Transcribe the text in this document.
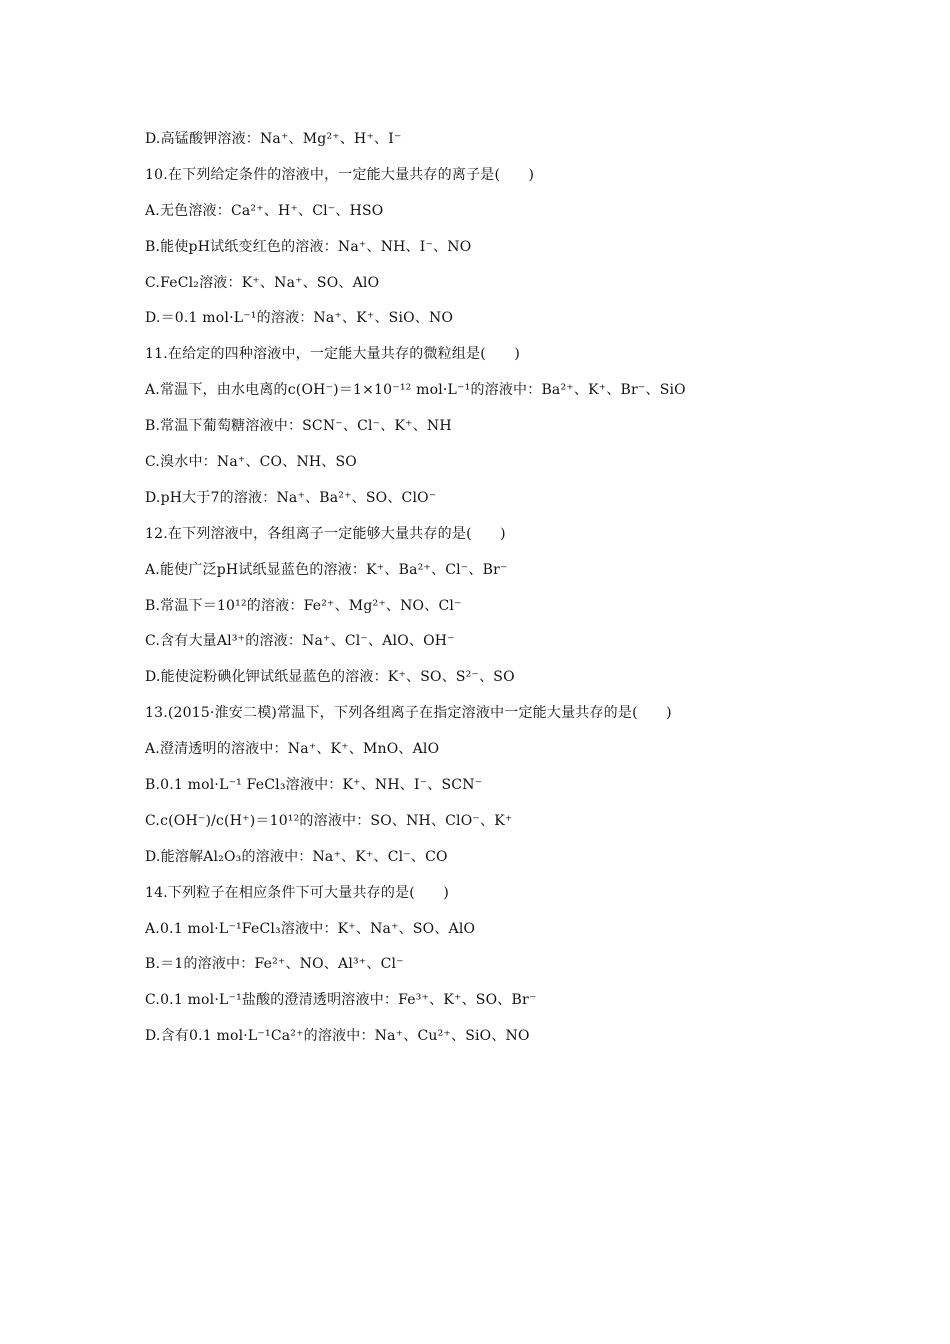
D.高锰酸钾溶液：Na⁺、Mg²⁺、H⁺、I⁻
10.在下列给定条件的溶液中，一定能大量共存的离子是(　　)
A.无色溶液：Ca²⁺、H⁺、Cl⁻、HSO
B.能使pH试纸变红色的溶液：Na⁺、NH、I⁻、NO
C.FeCl₂溶液：K⁺、Na⁺、SO、AlO
D.＝0.1 mol·L⁻¹的溶液：Na⁺、K⁺、SiO、NO
11.在给定的四种溶液中，一定能大量共存的微粒组是(　　)
A.常温下，由水电离的c(OH⁻)＝1×10⁻¹² mol·L⁻¹的溶液中：Ba²⁺、K⁺、Br⁻、SiO
B.常温下葡萄糖溶液中：SCN⁻、Cl⁻、K⁺、NH
C.溴水中：Na⁺、CO、NH、SO
D.pH大于7的溶液：Na⁺、Ba²⁺、SO、ClO⁻
12.在下列溶液中，各组离子一定能够大量共存的是(　　)
A.能使广泛pH试纸显蓝色的溶液：K⁺、Ba²⁺、Cl⁻、Br⁻
B.常温下＝10¹²的溶液：Fe²⁺、Mg²⁺、NO、Cl⁻
C.含有大量Al³⁺的溶液：Na⁺、Cl⁻、AlO、OH⁻
D.能使淀粉碘化钾试纸显蓝色的溶液：K⁺、SO、S²⁻、SO
13.(2015·淮安二模)常温下，下列各组离子在指定溶液中一定能大量共存的是(　　)
A.澄清透明的溶液中：Na⁺、K⁺、MnO、AlO
B.0.1 mol·L⁻¹ FeCl₃溶液中：K⁺、NH、I⁻、SCN⁻
C.c(OH⁻)/c(H⁺)＝10¹²的溶液中：SO、NH、ClO⁻、K⁺
D.能溶解Al₂O₃的溶液中：Na⁺、K⁺、Cl⁻、CO
14.下列粒子在相应条件下可大量共存的是(　　)
A.0.1 mol·L⁻¹FeCl₃溶液中：K⁺、Na⁺、SO、AlO
B.＝1的溶液中：Fe²⁺、NO、Al³⁺、Cl⁻
C.0.1 mol·L⁻¹盐酸的澄清透明溶液中：Fe³⁺、K⁺、SO、Br⁻
D.含有0.1 mol·L⁻¹Ca²⁺的溶液中：Na⁺、Cu²⁺、SiO、NO
